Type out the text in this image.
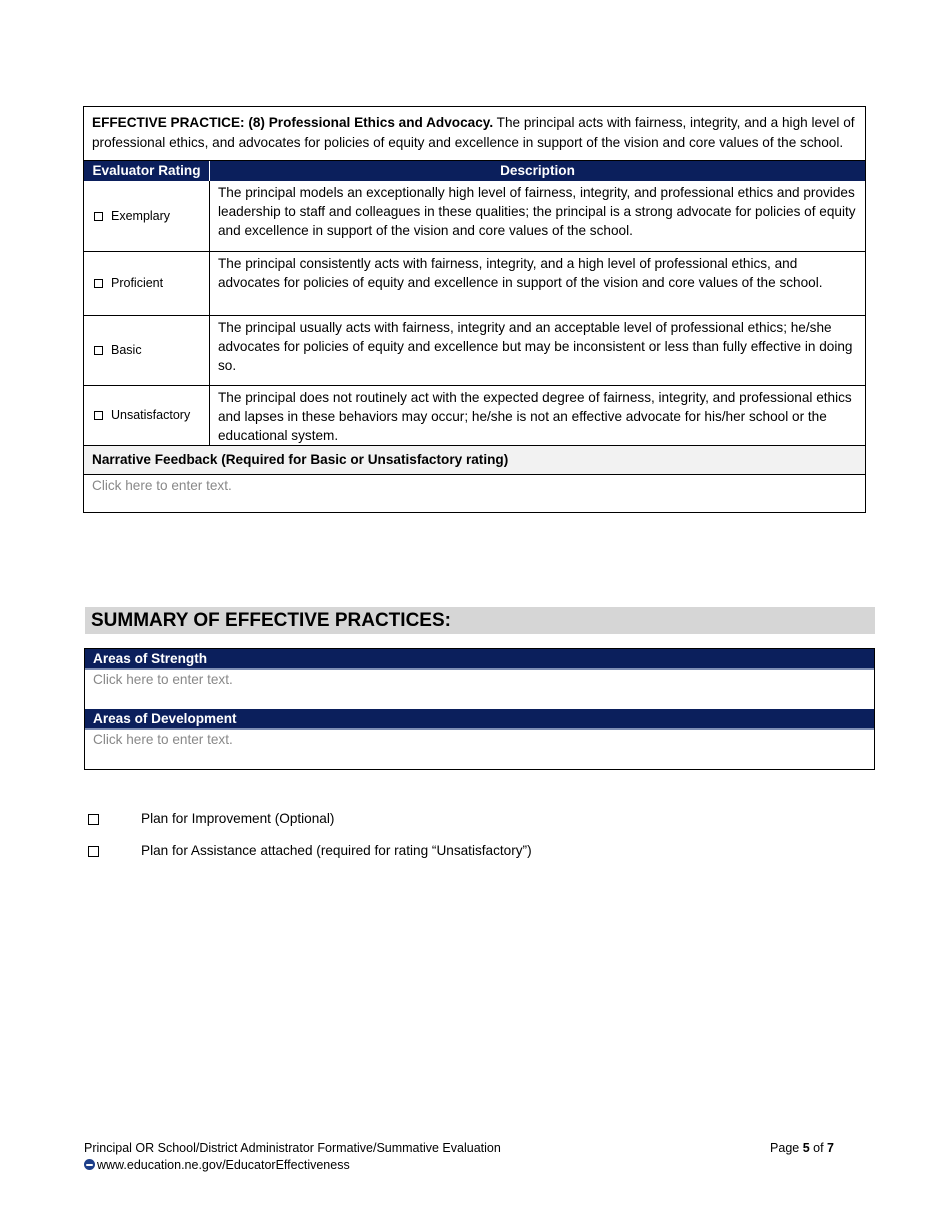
EFFECTIVE PRACTICE: (8) Professional Ethics and Advocacy. The principal acts with fairness, integrity, and a high level of professional ethics, and advocates for policies of equity and excellence in support of the vision and core values of the school.
Evaluator Rating	Description
Exemplary
The principal models an exceptionally high level of fairness, integrity, and professional ethics and provides leadership to staff and colleagues in these qualities; the principal is a strong advocate for policies of equity and excellence in support of the vision and core values of the school.
Proficient
The principal consistently acts with fairness, integrity, and a high level of professional ethics, and advocates for policies of equity and excellence in support of the vision and core values of the school.
Basic
The principal usually acts with fairness, integrity and an acceptable level of professional ethics; he/she advocates for policies of equity and excellence but may be inconsistent or less than fully effective in doing so.
Unsatisfactory
The principal does not routinely act with the expected degree of fairness, integrity, and professional ethics and lapses in these behaviors may occur; he/she is not an effective advocate for his/her school or the educational system.
Narrative Feedback (Required for Basic or Unsatisfactory rating)
Click here to enter text.
SUMMARY OF EFFECTIVE PRACTICES:
Areas of Strength
Click here to enter text.
Areas of Development
Click here to enter text.
Plan for Improvement (Optional)
Plan for Assistance attached (required for rating “Unsatisfactory”)
Principal OR School/District Administrator Formative/Summative Evaluation	Page 5 of 7
www.education.ne.gov/EducatorEffectiveness
